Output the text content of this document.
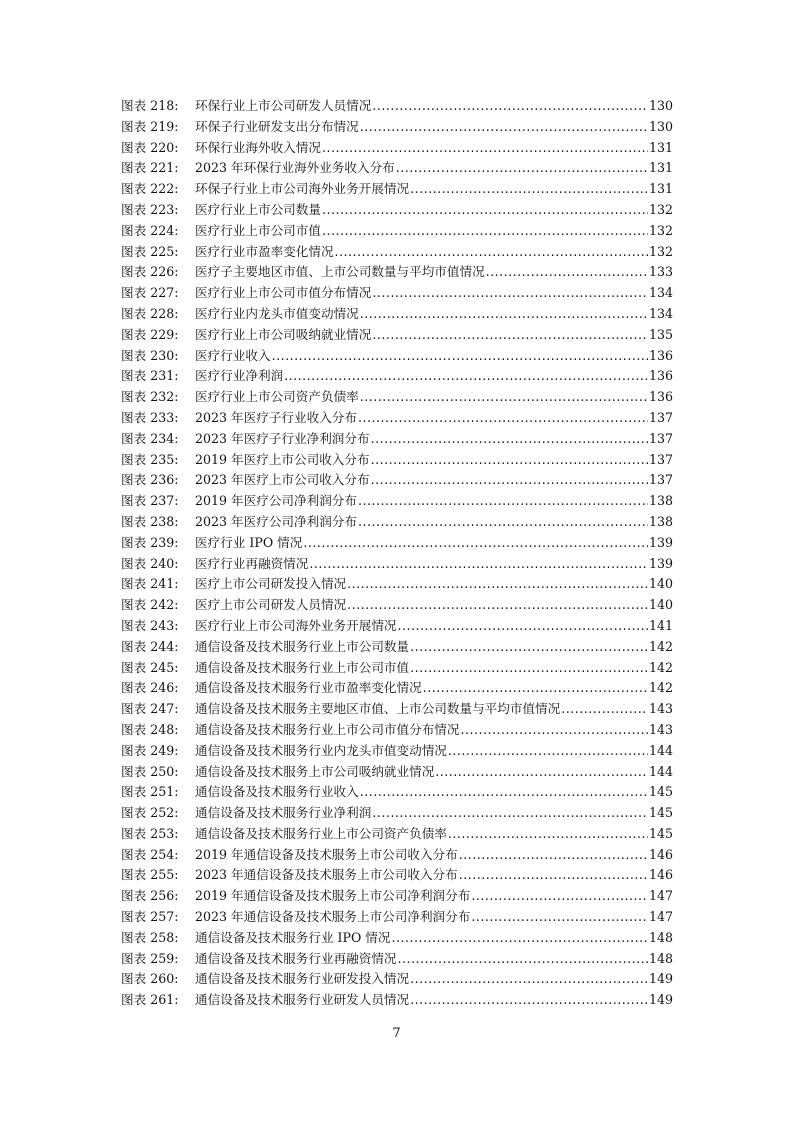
图表 218:	环保行业上市公司研发人员情况 .....	130
图表 219:	环保子行业研发支出分布情况 .....	130
图表 220:	环保行业海外收入情况 .....	131
图表 221:	2023 年环保行业海外业务收入分布 .....	131
图表 222:	环保子行业上市公司海外业务开展情况 .....	131
图表 223:	医疗行业上市公司数量 .....	132
图表 224:	医疗行业上市公司市值 .....	132
图表 225:	医疗行业市盈率变化情况 .....	132
图表 226:	医疗子主要地区市值、上市公司数量与平均市值情况 .....	133
图表 227:	医疗行业上市公司市值分布情况 .....	134
图表 228:	医疗行业内龙头市值变动情况 .....	134
图表 229:	医疗行业上市公司吸纳就业情况 .....	135
图表 230:	医疗行业收入 .....	136
图表 231:	医疗行业净利润 .....	136
图表 232:	医疗行业上市公司资产负债率 .....	136
图表 233:	2023 年医疗子行业收入分布 .....	137
图表 234:	2023 年医疗子行业净利润分布 .....	137
图表 235:	2019 年医疗上市公司收入分布 .....	137
图表 236:	2023 年医疗上市公司收入分布 .....	137
图表 237:	2019 年医疗公司净利润分布 .....	138
图表 238:	2023 年医疗公司净利润分布 .....	138
图表 239:	医疗行业 IPO 情况 .....	139
图表 240:	医疗行业再融资情况 .....	139
图表 241:	医疗上市公司研发投入情况 .....	140
图表 242:	医疗上市公司研发人员情况 .....	140
图表 243:	医疗行业上市公司海外业务开展情况 .....	141
图表 244:	通信设备及技术服务行业上市公司数量 .....	142
图表 245:	通信设备及技术服务行业上市公司市值 .....	142
图表 246:	通信设备及技术服务行业市盈率变化情况 .....	142
图表 247:	通信设备及技术服务主要地区市值、上市公司数量与平均市值情况 .....	143
图表 248:	通信设备及技术服务行业上市公司市值分布情况 .....	143
图表 249:	通信设备及技术服务行业内龙头市值变动情况 .....	144
图表 250:	通信设备及技术服务上市公司吸纳就业情况 .....	144
图表 251:	通信设备及技术服务行业收入 .....	145
图表 252:	通信设备及技术服务行业净利润 .....	145
图表 253:	通信设备及技术服务行业上市公司资产负债率 .....	145
图表 254:	2019 年通信设备及技术服务上市公司收入分布 .....	146
图表 255:	2023 年通信设备及技术服务上市公司收入分布 .....	146
图表 256:	2019 年通信设备及技术服务上市公司净利润分布 .....	147
图表 257:	2023 年通信设备及技术服务上市公司净利润分布 .....	147
图表 258:	通信设备及技术服务行业 IPO 情况 .....	148
图表 259:	通信设备及技术服务行业再融资情况 .....	148
图表 260:	通信设备及技术服务行业研发投入情况 .....	149
图表 261:	通信设备及技术服务行业研发人员情况 .....	149
7
